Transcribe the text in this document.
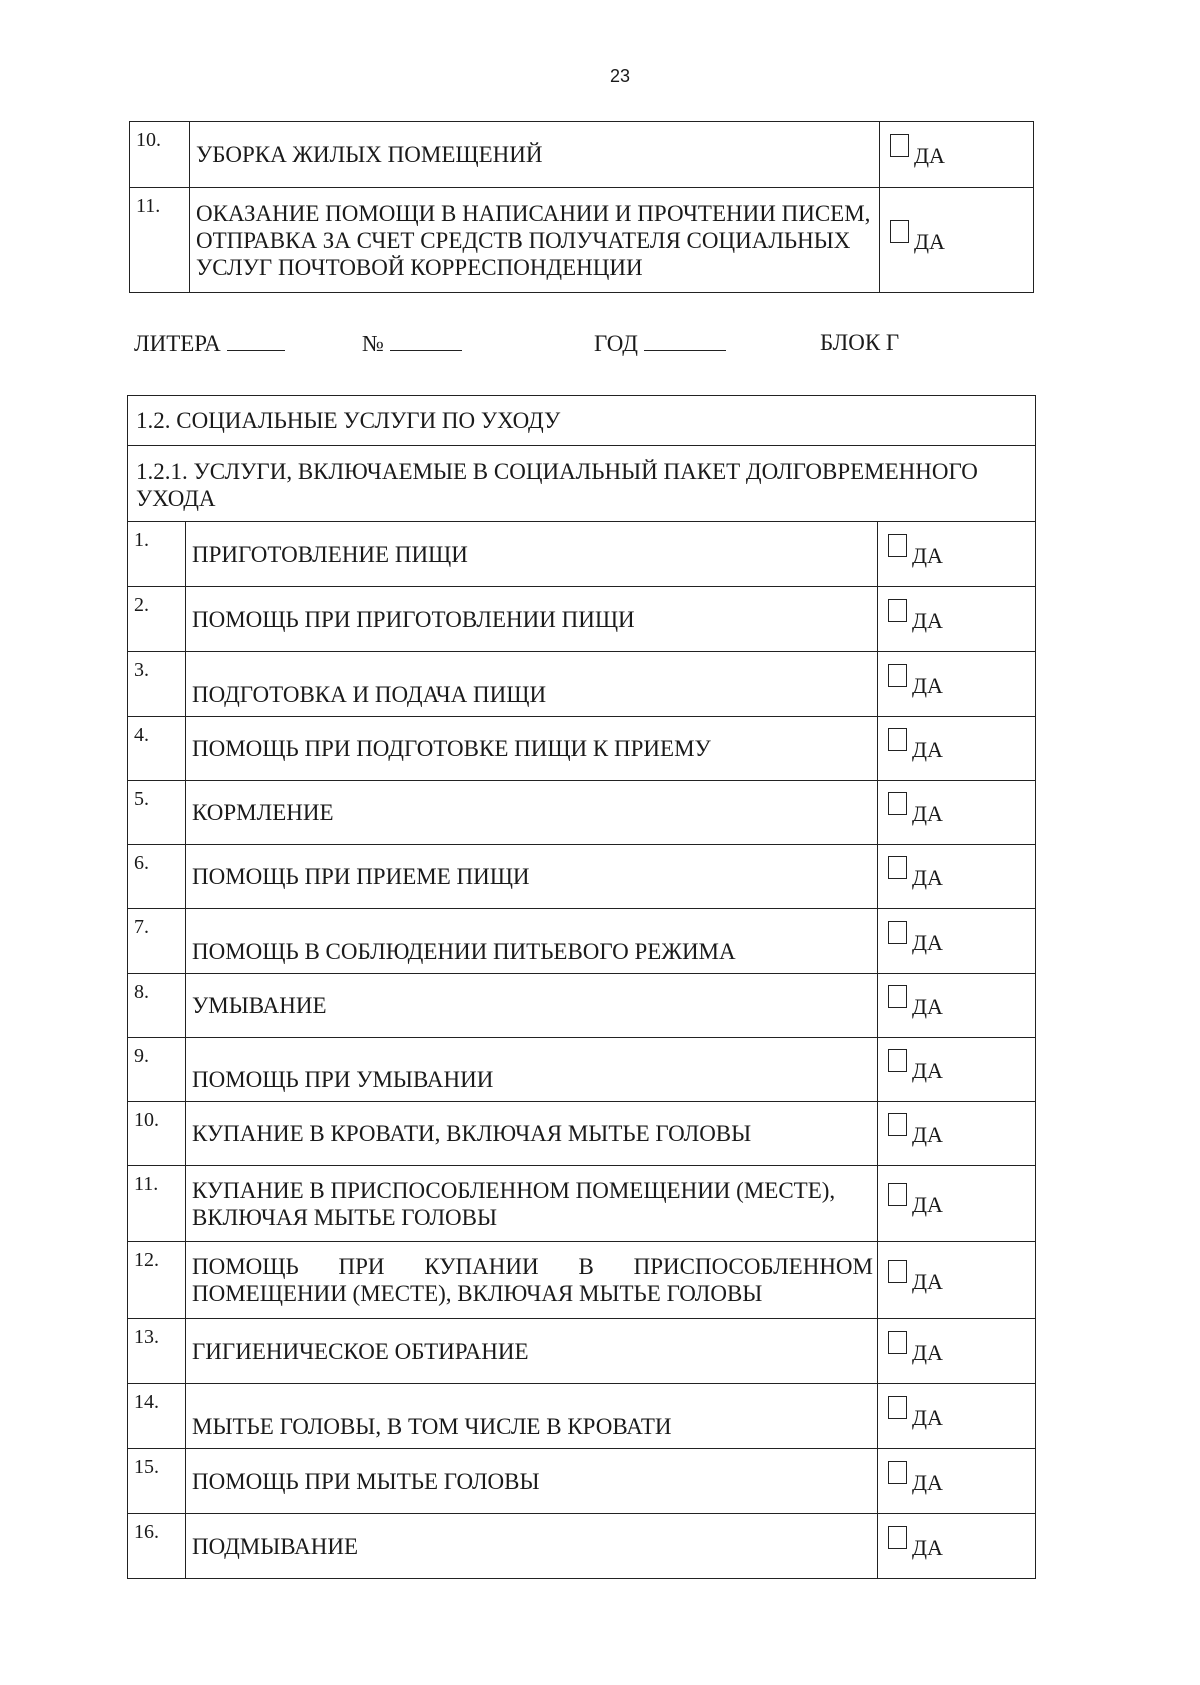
23
10.	УБОРКА ЖИЛЫХ ПОМЕЩЕНИЙ	ДА
11.	ОКАЗАНИЕ ПОМОЩИ В НАПИСАНИИ И ПРОЧТЕНИИ ПИСЕМ, ОТПРАВКА ЗА СЧЕТ СРЕДСТВ ПОЛУЧАТЕЛЯ СОЦИАЛЬНЫХ УСЛУГ ПОЧТОВОЙ КОРРЕСПОНДЕНЦИИ	ДА
ЛИТЕРА	№	ГОД	БЛОК Г
1.2. СОЦИАЛЬНЫЕ УСЛУГИ ПО УХОДУ		
1.2.1. УСЛУГИ, ВКЛЮЧАЕМЫЕ В СОЦИАЛЬНЫЙ ПАКЕТ ДОЛГОВРЕМЕННОГО УХОДА		
1.	ПРИГОТОВЛЕНИЕ ПИЩИ	ДА
2.	ПОМОЩЬ ПРИ ПРИГОТОВЛЕНИИ ПИЩИ	ДА
3.	ПОДГОТОВКА И ПОДАЧА ПИЩИ	ДА
4.	ПОМОЩЬ ПРИ ПОДГОТОВКЕ ПИЩИ К ПРИЕМУ	ДА
5.	КОРМЛЕНИЕ	ДА
6.	ПОМОЩЬ ПРИ ПРИЕМЕ ПИЩИ	ДА
7.	ПОМОЩЬ В СОБЛЮДЕНИИ ПИТЬЕВОГО РЕЖИМА	ДА
8.	УМЫВАНИЕ	ДА
9.	ПОМОЩЬ ПРИ УМЫВАНИИ	ДА
10.	КУПАНИЕ В КРОВАТИ, ВКЛЮЧАЯ МЫТЬЕ ГОЛОВЫ	ДА
11.	КУПАНИЕ В ПРИСПОСОБЛЕННОМ ПОМЕЩЕНИИ (МЕСТЕ), ВКЛЮЧАЯ МЫТЬЕ ГОЛОВЫ	ДА
12.	ПОМОЩЬ ПРИ КУПАНИИ В ПРИСПОСОБЛЕННОМ ПОМЕЩЕНИИ (МЕСТЕ), ВКЛЮЧАЯ МЫТЬЕ ГОЛОВЫ	ДА
13.	ГИГИЕНИЧЕСКОЕ ОБТИРАНИЕ	ДА
14.	МЫТЬЕ ГОЛОВЫ, В ТОМ ЧИСЛЕ В КРОВАТИ	ДА
15.	ПОМОЩЬ ПРИ МЫТЬЕ ГОЛОВЫ	ДА
16.	ПОДМЫВАНИЕ	ДА
